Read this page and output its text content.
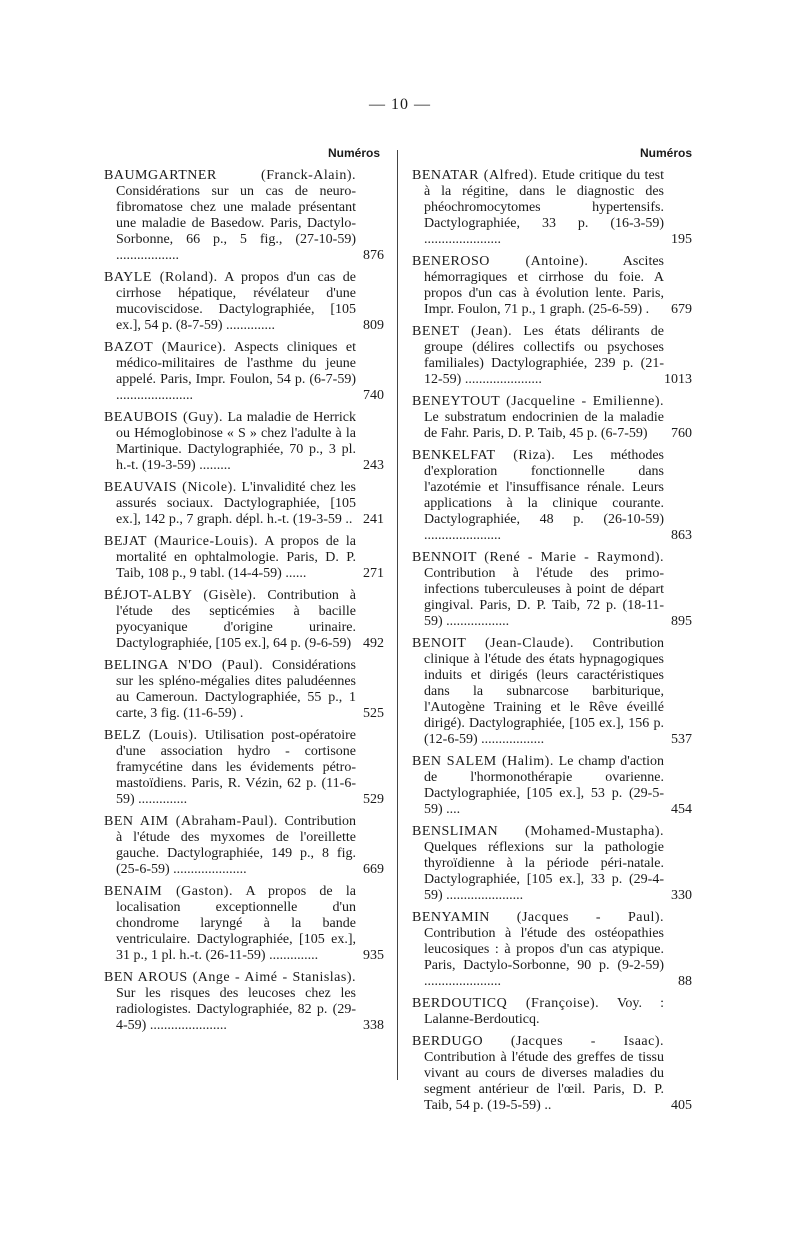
— 10 —
Numéros	Numéros
BAUMGARTNER (Franck-Alain). Considérations sur un cas de neuro-fibromatose chez une malade présentant une maladie de Basedow. Paris, Dactylo-Sorbonne, 66 p., 5 fig., (27-10-59) ..................	876
BAYLE (Roland). A propos d'un cas de cirrhose hépatique, révélateur d'une mucoviscidose. Dactylographiée, [105 ex.], 54 p. (8-7-59) ..............	809
BAZOT (Maurice). Aspects cliniques et médico-militaires de l'asthme du jeune appelé. Paris, Impr. Foulon, 54 p. (6-7-59) ......................	740
BEAUBOIS (Guy). La maladie de Herrick ou Hémoglobinose « S » chez l'adulte à la Martinique. Dactylographiée, 70 p., 3 pl. h.-t. (19-3-59) .........	243
BEAUVAIS (Nicole). L'invalidité chez les assurés sociaux. Dactylographiée, [105 ex.], 142 p., 7 graph. dépl. h.-t. (19-3-59 .. 241
BEJAT (Maurice-Louis). A propos de la mortalité en ophtalmologie. Paris, D. P. Taib, 108 p., 9 tabl. (14-4-59) ......	271
BÉJOT-ALBY (Gisèle). Contribution à l'étude des septicémies à bacille pyocyanique d'origine urinaire. Dactylographiée, [105 ex.], 64 p. (9-6-59) 492
BELINGA N'DO (Paul). Considérations sur les spléno-mégalies dites paludéennes au Cameroun. Dactylographiée, 55 p., 1 carte, 3 fig. (11-6-59) .	525
BELZ (Louis). Utilisation post-opératoire d'une association hydro - cortisone framycétine dans les évidements pétro-mastoïdiens. Paris, R. Vézin, 62 p. (11-6-59) ..............	529
BEN AIM (Abraham-Paul). Contribution à l'étude des myxomes de l'oreillette gauche. Dactylographiée, 149 p., 8 fig. (25-6-59) .....................	669
BENAIM (Gaston). A propos de la localisation exceptionnelle d'un chondrome laryngé à la bande ventriculaire. Dactylographiée, [105 ex.], 31 p., 1 pl. h.-t. (26-11-59) ..............	935
BEN AROUS (Ange - Aimé - Stanislas). Sur les risques des leucoses chez les radiologistes. Dactylographiée, 82 p. (29-4-59) ......................	338
BENATAR (Alfred). Etude critique du test à la régitine, dans le diagnostic des phéochromocytomes hypertensifs. Dactylographiée, 33 p. (16-3-59) ......................	195
BENEROSO (Antoine). Ascites hémorragiques et cirrhose du foie. A propos d'un cas à évolution lente. Paris, Impr. Foulon, 71 p., 1 graph. (25-6-59) . 679
BENET (Jean). Les états délirants de groupe (délires collectifs ou psychoses familiales) Dactylographiée, 239 p. (21-12-59) ......................	1013
BENEYTOUT (Jacqueline - Emilienne). Le substratum endocrinien de la maladie de Fahr. Paris, D. P. Taib, 45 p. (6-7-59) 760
BENKELFAT (Riza). Les méthodes d'exploration fonctionnelle dans l'azotémie et l'insuffisance rénale. Leurs applications à la clinique courante. Dactylographiée, 48 p. (26-10-59) ......................	863
BENNOIT (René - Marie - Raymond). Contribution à l'étude des primo-infections tuberculeuses à point de départ gingival. Paris, D. P. Taib, 72 p. (18-11-59) ..................	895
BENOIT (Jean-Claude). Contribution clinique à l'étude des états hypnagogiques induits et dirigés (leurs caractéristiques dans la subnarcose barbiturique, l'Autogène Training et le Rêve éveillé dirigé). Dactylographiée, [105 ex.], 156 p. (12-6-59) ..................	537
BEN SALEM (Halim). Le champ d'action de l'hormonothérapie ovarienne. Dactylographiée, [105 ex.], 53 p. (29-5-59) ....	454
BENSLIMAN (Mohamed-Mustapha). Quelques réflexions sur la pathologie thyroïdienne à la période péri-natale. Dactylographiée, [105 ex.], 33 p. (29-4-59) ......................	330
BENYAMIN (Jacques - Paul). Contribution à l'étude des ostéopathies leucosiques : à propos d'un cas atypique. Paris, Dactylo-Sorbonne, 90 p. (9-2-59) ......................	88
BERDOUTICQ (Françoise). Voy. : Lalanne-Berdouticq.
BERDUGO (Jacques - Isaac). Contribution à l'étude des greffes de tissu vivant au cours de diverses maladies du segment antérieur de l'œil. Paris, D. P. Taib, 54 p. (19-5-59) ..	405
